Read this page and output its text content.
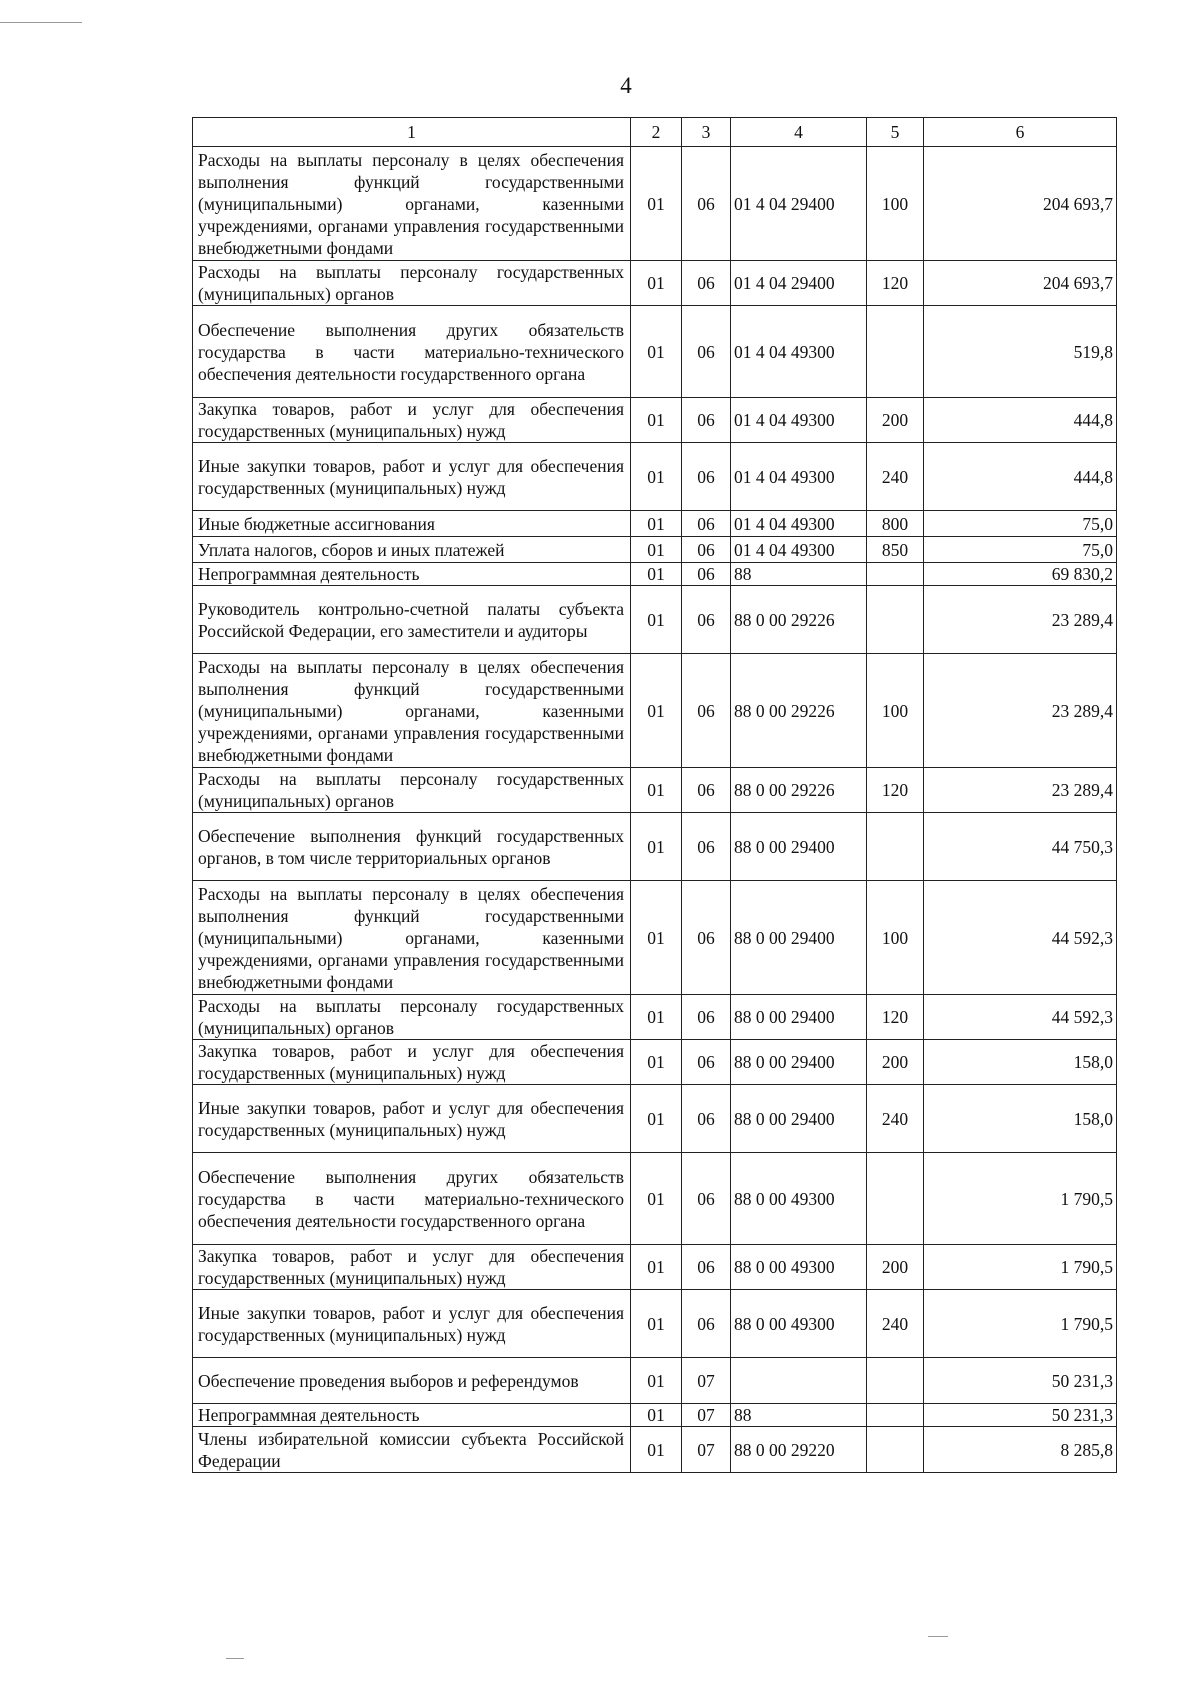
4
1	2	3	4	5	6
Расходы на выплаты персоналу в целях обеспечения выполнения функций государственными (муниципальными) органами, казенными учреждениями, органами управления государственными внебюджетными фондами	01	06	01 4 04 29400	100	204 693,7
Расходы на выплаты персоналу государственных (муниципальных) органов	01	06	01 4 04 29400	120	204 693,7
Обеспечение выполнения других обязательств государства в части материально-технического обеспечения деятельности государственного органа	01	06	01 4 04 49300		519,8
Закупка товаров, работ и услуг для обеспечения государственных (муниципальных) нужд	01	06	01 4 04 49300	200	444,8
Иные закупки товаров, работ и услуг для обеспечения государственных (муниципальных) нужд	01	06	01 4 04 49300	240	444,8
Иные бюджетные ассигнования	01	06	01 4 04 49300	800	75,0
Уплата налогов, сборов и иных платежей	01	06	01 4 04 49300	850	75,0
Непрограммная деятельность	01	06	88		69 830,2
Руководитель контрольно-счетной палаты субъекта Российской Федерации, его заместители и аудиторы	01	06	88 0 00 29226		23 289,4
Расходы на выплаты персоналу в целях обеспечения выполнения функций государственными (муниципальными) органами, казенными учреждениями, органами управления государственными внебюджетными фондами	01	06	88 0 00 29226	100	23 289,4
Расходы на выплаты персоналу государственных (муниципальных) органов	01	06	88 0 00 29226	120	23 289,4
Обеспечение выполнения функций государственных органов, в том числе территориальных органов	01	06	88 0 00 29400		44 750,3
Расходы на выплаты персоналу в целях обеспечения выполнения функций государственными (муниципальными) органами, казенными учреждениями, органами управления государственными внебюджетными фондами	01	06	88 0 00 29400	100	44 592,3
Расходы на выплаты персоналу государственных (муниципальных) органов	01	06	88 0 00 29400	120	44 592,3
Закупка товаров, работ и услуг для обеспечения государственных (муниципальных) нужд	01	06	88 0 00 29400	200	158,0
Иные закупки товаров, работ и услуг для обеспечения государственных (муниципальных) нужд	01	06	88 0 00 29400	240	158,0
Обеспечение выполнения других обязательств государства в части материально-технического обеспечения деятельности государственного органа	01	06	88 0 00 49300		1 790,5
Закупка товаров, работ и услуг для обеспечения государственных (муниципальных) нужд	01	06	88 0 00 49300	200	1 790,5
Иные закупки товаров, работ и услуг для обеспечения государственных (муниципальных) нужд	01	06	88 0 00 49300	240	1 790,5
Обеспечение проведения выборов и референдумов	01	07			50 231,3
Непрограммная деятельность	01	07	88		50 231,3
Члены избирательной комиссии субъекта Российской Федерации	01	07	88 0 00 29220		8 285,8
